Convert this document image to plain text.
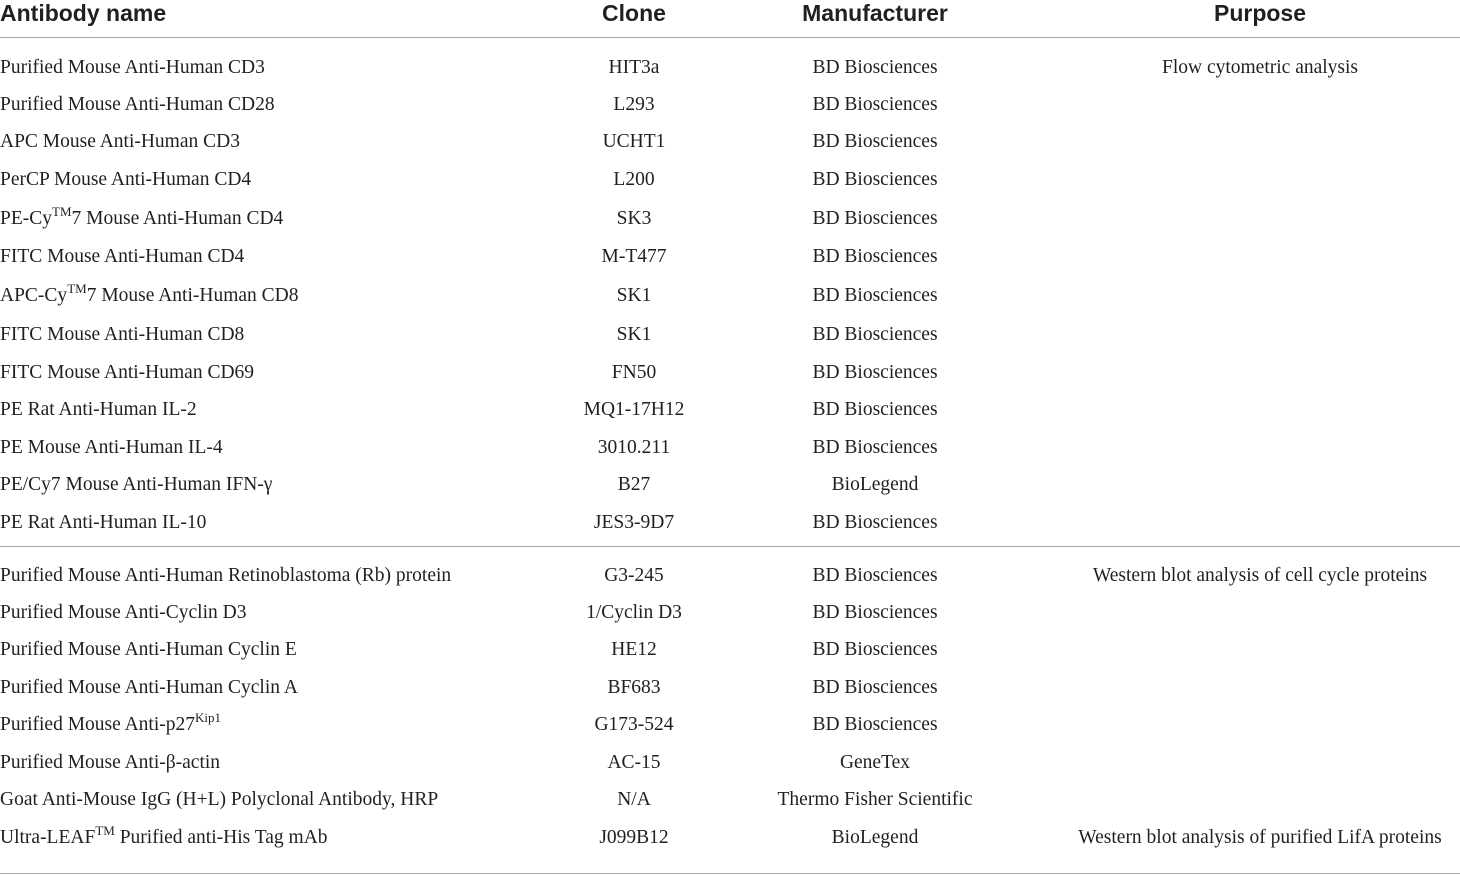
Antibody name	Clone	Manufacturer	Purpose
Purified Mouse Anti-Human CD3	HIT3a	BD Biosciences	Flow cytometric analysis
Purified Mouse Anti-Human CD28	L293	BD Biosciences
APC Mouse Anti-Human CD3	UCHT1	BD Biosciences
PerCP Mouse Anti-Human CD4	L200	BD Biosciences
PE-Cy™7 Mouse Anti-Human CD4	SK3	BD Biosciences
FITC Mouse Anti-Human CD4	M-T477	BD Biosciences
APC-Cy™7 Mouse Anti-Human CD8	SK1	BD Biosciences
FITC Mouse Anti-Human CD8	SK1	BD Biosciences
FITC Mouse Anti-Human CD69	FN50	BD Biosciences
PE Rat Anti-Human IL-2	MQ1-17H12	BD Biosciences
PE Mouse Anti-Human IL-4	3010.211	BD Biosciences
PE/Cy7 Mouse Anti-Human IFN-γ	B27	BioLegend
PE Rat Anti-Human IL-10	JES3-9D7	BD Biosciences
Purified Mouse Anti-Human Retinoblastoma (Rb) protein	G3-245	BD Biosciences	Western blot analysis of cell cycle proteins
Purified Mouse Anti-Cyclin D3	1/Cyclin D3	BD Biosciences
Purified Mouse Anti-Human Cyclin E	HE12	BD Biosciences
Purified Mouse Anti-Human Cyclin A	BF683	BD Biosciences
Purified Mouse Anti-$p27^{Kip1}$	G173-524	BD Biosciences
Purified Mouse Anti-β-actin	AC-15	GeneTex
Goat Anti-Mouse IgG (H+L) Polyclonal Antibody, HRP	N/A	Thermo Fisher Scientific
Ultra-LEAF™ Purified anti-His Tag mAb	J099B12	BioLegend	Western blot analysis of purified LifA proteins
